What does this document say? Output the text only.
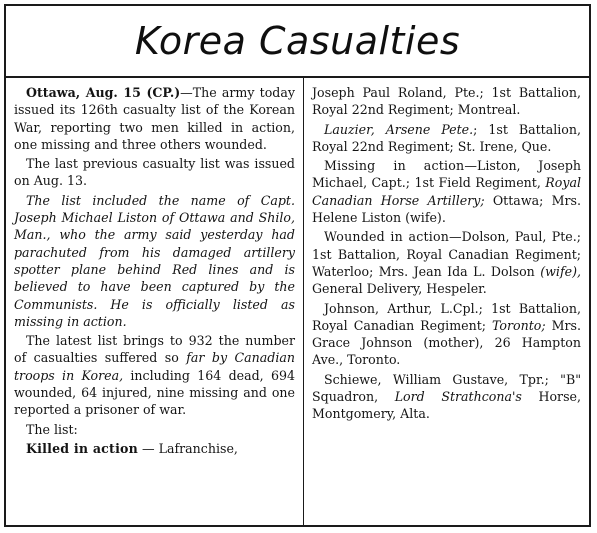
Korea Casualties

Ottawa, Aug. 15 (CP.)—The army today issued its 126th casualty list of the Korean War, reporting two men killed in action, one missing and three others wounded.

The last previous casualty list was issued on Aug. 13.

The list included the name of Capt. Joseph Michael Liston of Ottawa and Shilo, Man., who the army said yesterday had parachuted from his damaged artillery spotter plane behind Red lines and is believed to have been captured by the Communists. He is officially listed as missing in action.

The latest list brings to 932 the number of casualties suffered so far by Canadian troops in Korea, including 164 dead, 694 wounded, 64 injured, nine missing and one reported a prisoner of war.

The list:

Killed in action — Lafranchise,

Joseph Paul Roland, Pte.; 1st Battalion, Royal 22nd Regiment; Montreal.

Lauzier, Arsene Pete.; 1st Battalion, Royal 22nd Regiment; St. Irene, Que.

Missing in action—Liston, Joseph Michael, Capt.; 1st Field Regiment, Royal Canadian Horse Artillery; Ottawa; Mrs. Helene Liston (wife).

Wounded in action—Dolson, Paul, Pte.; 1st Battalion, Royal Canadian Regiment; Waterloo; Mrs. Jean Ida L. Dolson (wife), General Delivery, Hespeler.

Johnson, Arthur, L.Cpl.; 1st Battalion, Royal Canadian Regiment; Toronto; Mrs. Grace Johnson (mother), 26 Hampton Ave., Toronto.

Schiewe, William Gustave, Tpr.; "B" Squadron, Lord Strathcona's Horse, Montgomery, Alta.
